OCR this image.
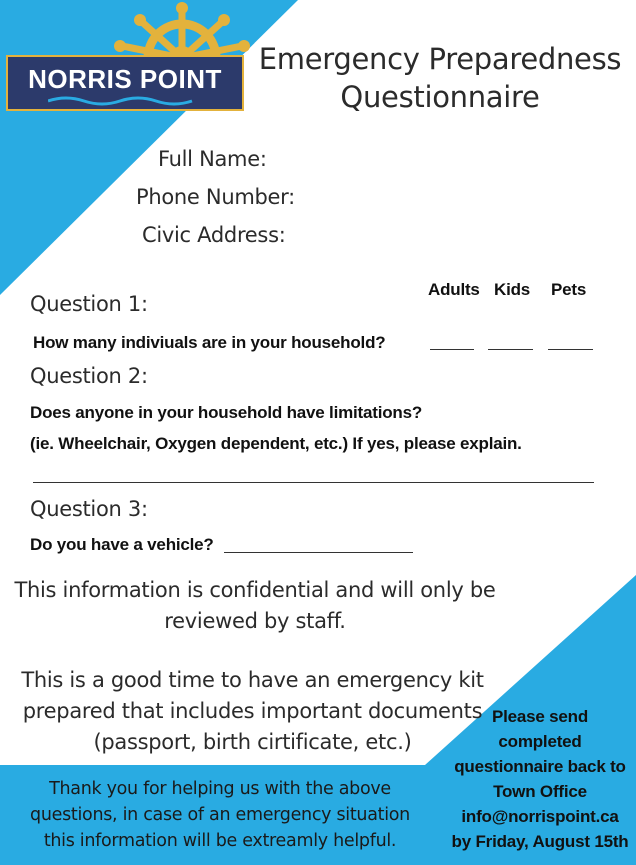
NORRIS POINT
Emergency Preparedness
Questionnaire
Full Name:
Phone Number:
Civic Address:
Adults Kids Pets
Question 1:
How many indiviuals are in your household?
Question 2:
Does anyone in your household have limitations?
(ie. Wheelchair, Oxygen dependent, etc.) If yes, please explain.
Question 3:
Do you have a vehicle?
This information is confidential and will only be
reviewed by staff.
This is a good time to have an emergency kit
prepared that includes important documents
(passport, birth cirtificate, etc.)
Thank you for helping us with the above
questions, in case of an emergency situation
this information will be extreamly helpful.
Please send
completed
questionnaire back to
Town Office
info@norrispoint.ca
by Friday, August 15th
